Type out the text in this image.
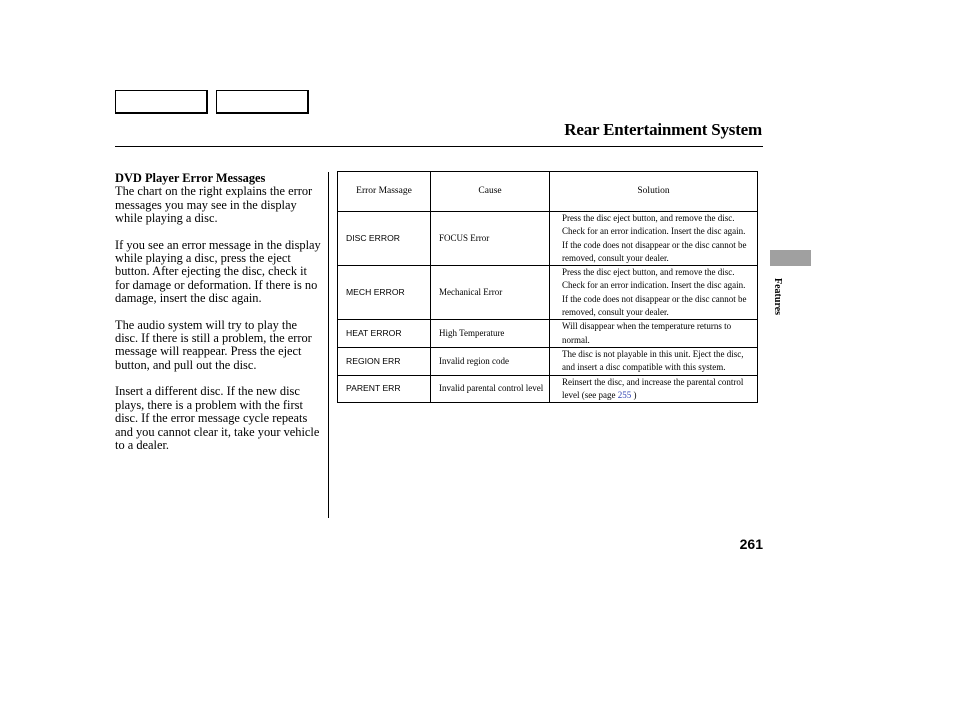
Rear Entertainment System
DVD Player Error Messages

The chart on the right explains the error messages you may see in the display while playing a disc.

If you see an error message in the display while playing a disc, press the eject button. After ejecting the disc, check it for damage or deformation. If there is no damage, insert the disc again.

The audio system will try to play the disc. If there is still a problem, the error message will reappear. Press the eject button, and pull out the disc.

Insert a different disc. If the new disc plays, there is a problem with the first disc. If the error message cycle repeats and you cannot clear it, take your vehicle to a dealer.

Error Massage	Cause	Solution
DISC ERROR	FOCUS Error	Press the disc eject button, and remove the disc. Check for an error indication. Insert the disc again. If the code does not disappear or the disc cannot be removed, consult your dealer.
MECH ERROR	Mechanical Error	Press the disc eject button, and remove the disc. Check for an error indication. Insert the disc again. If the code does not disappear or the disc cannot be removed, consult your dealer.
HEAT ERROR	High Temperature	Will disappear when the temperature returns to normal.
REGION ERR	Invalid region code	The disc is not playable in this unit. Eject the disc, and insert a disc compatible with this system.
PARENT ERR	Invalid parental control level	Reinsert the disc, and increase the parental control level (see page 255 )
Features
261
